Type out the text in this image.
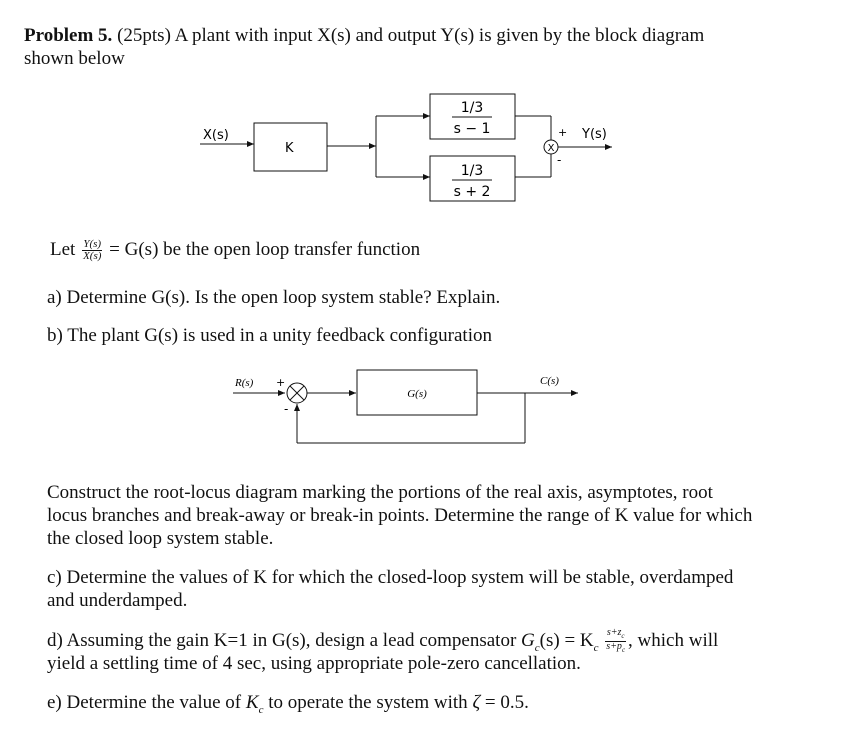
Problem 5. (25pts) A plant with input X(s) and output Y(s) is given by the block diagram
shown below
X(s)
K
1/3
s − 1
1/3
s + 2
X
+
-
Y(s)
Let $\frac{Y(s)}{X(s)} = G(s)$ be the open loop transfer function
a) Determine G(s). Is the open loop system stable? Explain.
b) The plant G(s) is used in a unity feedback configuration
R(s) +
-
G(s)
C(s)
Construct the root-locus diagram marking the portions of the real axis, asymptotes, root
locus branches and break-away or break-in points. Determine the range of K value for which
the closed loop system stable.
c) Determine the values of K for which the closed-loop system will be stable, overdamped
and underdamped.
d) Assuming the gain K=1 in G(s), design a lead compensator $G_c(s) = K_c \frac{s+z_c}{s+p_c}$ , which will
yield a settling time of 4 sec, using appropriate pole-zero cancellation.
e) Determine the value of $K_c$ to operate the system with ζ = 0.5.
